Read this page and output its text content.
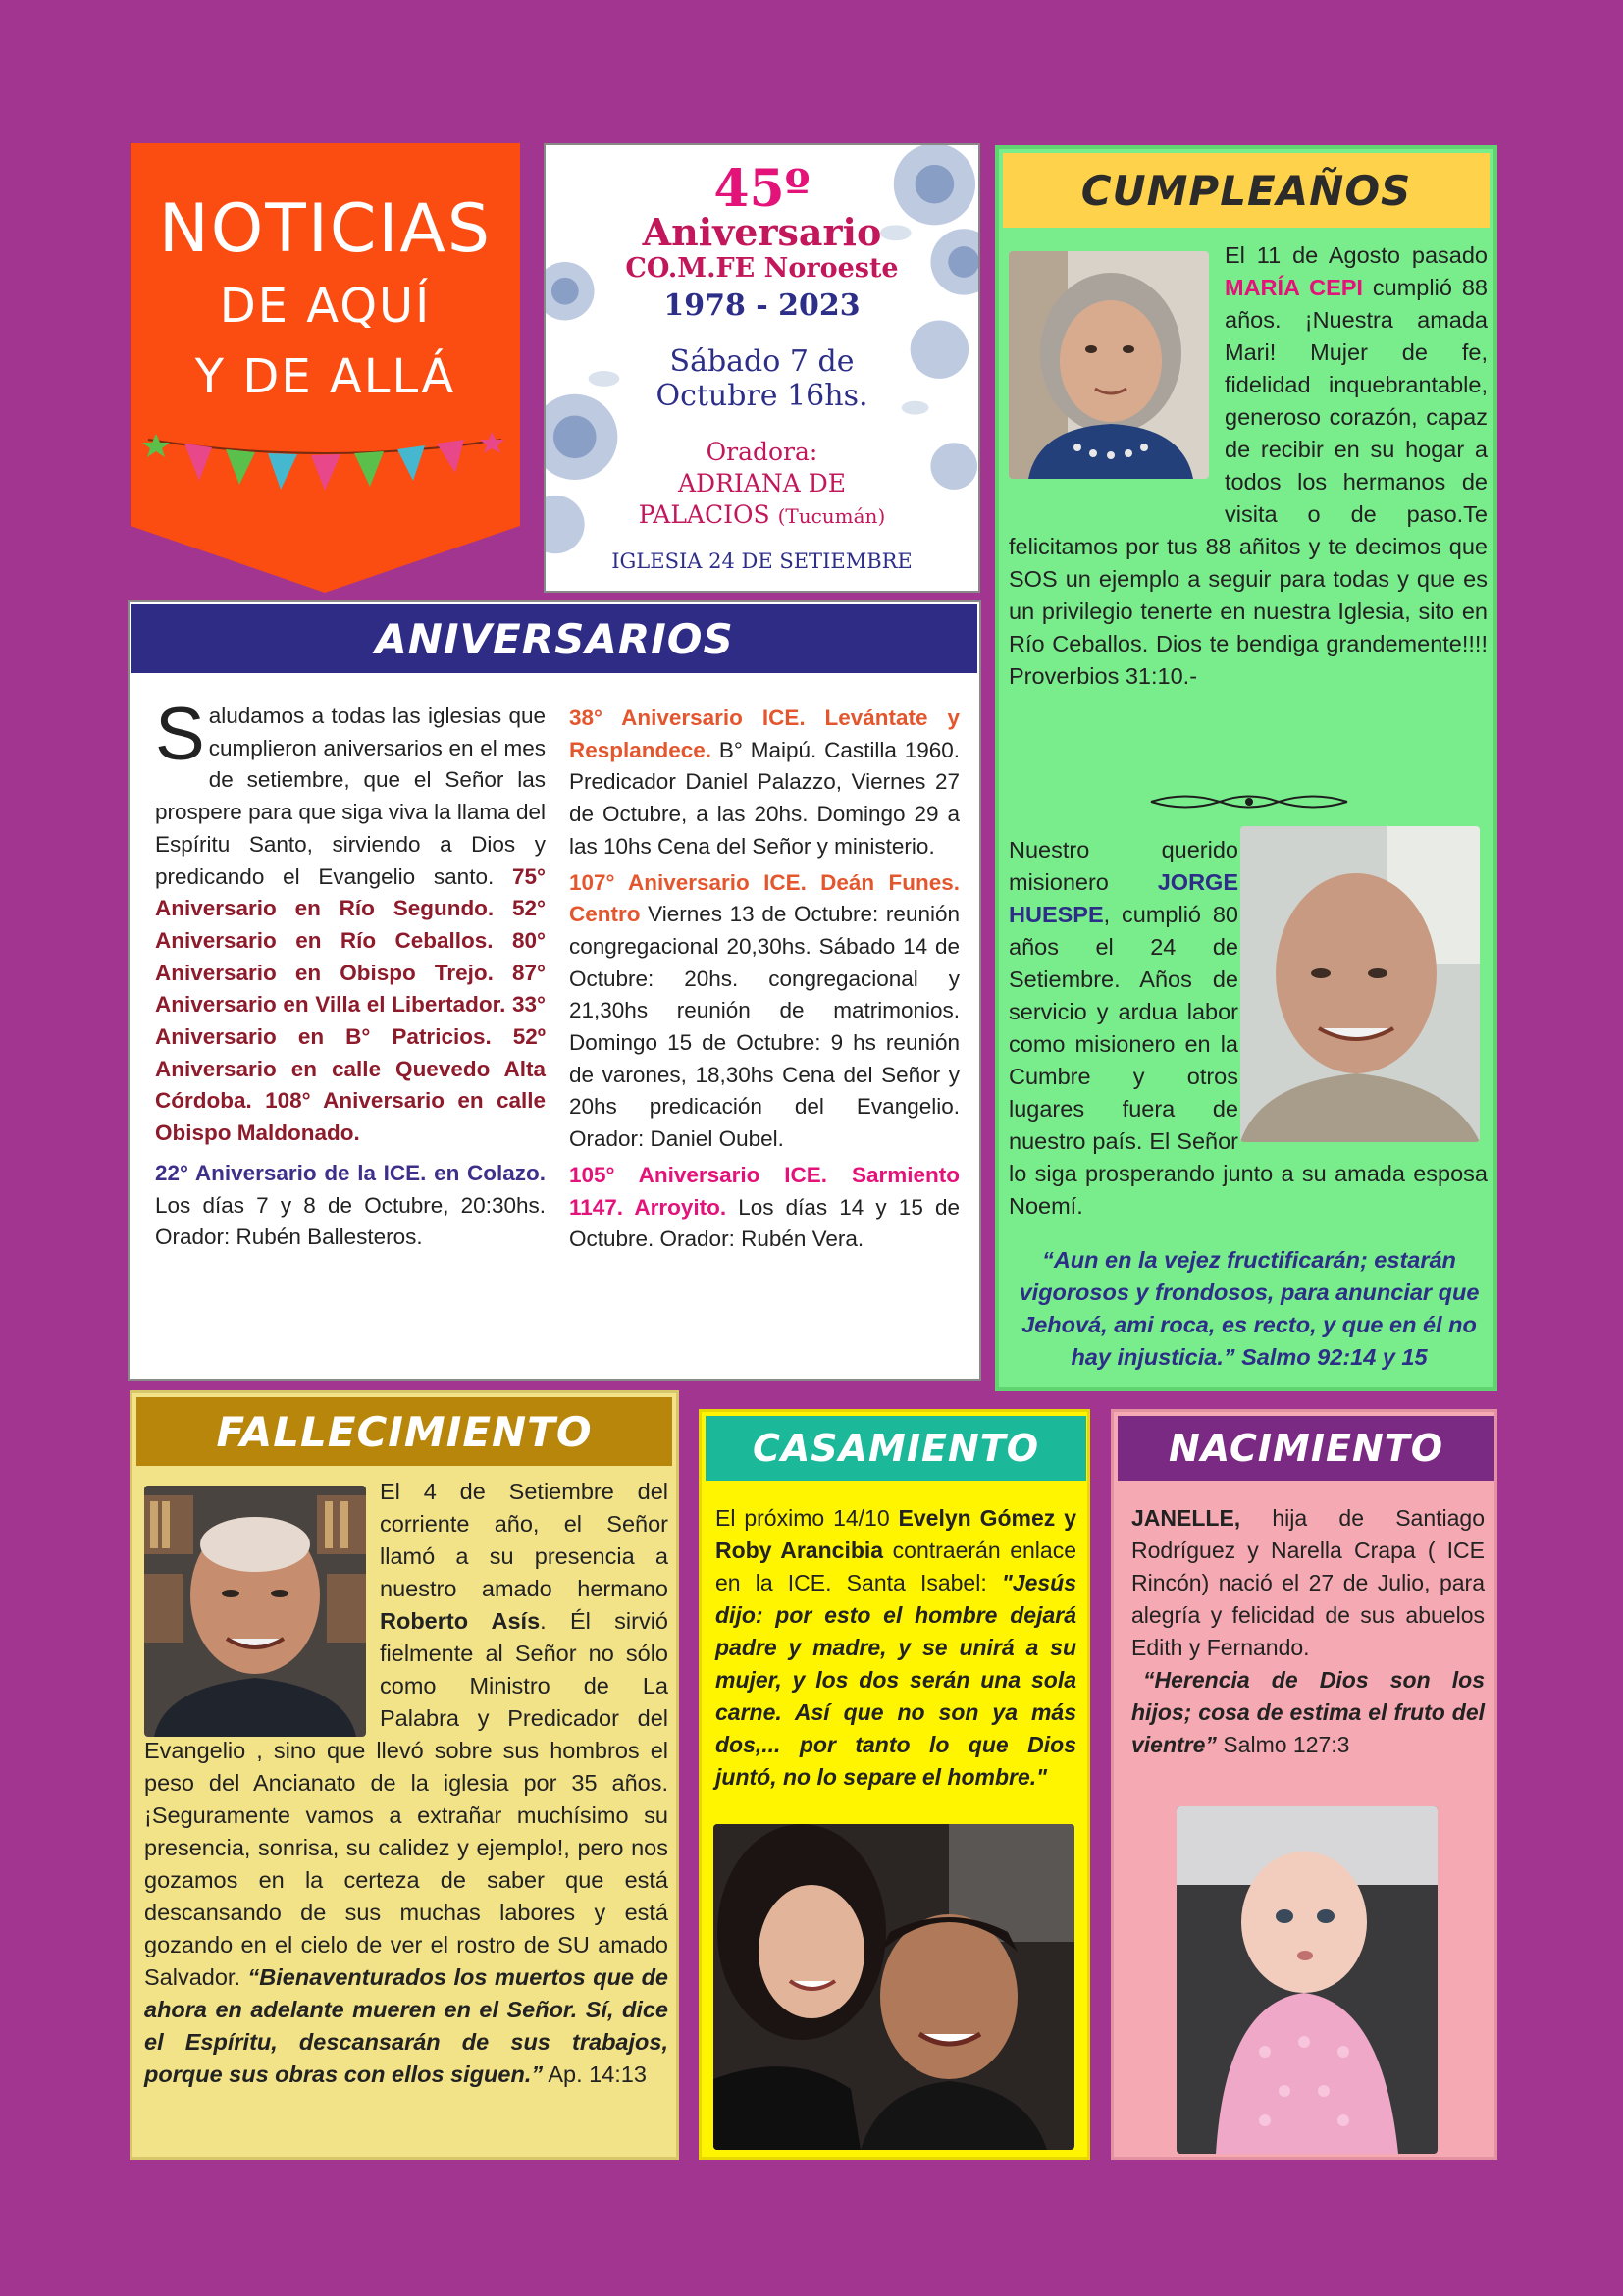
NOTICIAS
DE AQUÍ
Y DE ALLÁ
45º
Aniversario
CO.M.FE Noroeste
1978 - 2023
Sábado 7 de
Octubre 16hs.
Oradora:
ADRIANA DE
PALACIOS (Tucumán)
IGLESIA 24 DE SETIEMBRE
CUMPLEAÑOS
El 11 de Agosto pasado MARÍA CEPI cumplió 88 años. ¡Nuestra amada Mari! Mujer de fe, fidelidad inquebrantable, generoso corazón, capaz de recibir en su hogar a todos los hermanos de visita o de paso.Te felicitamos por tus 88 añitos y te decimos que SOS un ejemplo a seguir para todas y que es un privilegio tenerte en nuestra Iglesia, sito en Río Ceballos. Dios te bendiga grandemente!!!! Proverbios 31:10.-
Nuestro querido misionero JORGE HUESPE, cumplió 80 años el 24 de Setiembre. Años de servicio y ardua labor como misionero en la Cumbre y otros lugares fuera de nuestro país. El Señor lo siga prosperando junto a su amada esposa Noemí.
“Aun en la vejez fructificarán; estarán vigorosos y frondosos, para anunciar que Jehová, ami roca, es recto, y que en él no hay injusticia.” Salmo 92:14 y 15
ANIVERSARIOS

Saludamos a todas las iglesias que cumplieron aniversarios en el mes de setiembre, que el Señor las prospere para que siga viva la llama del Espíritu Santo, sirviendo a Dios y predicando el Evangelio santo. 75° Aniversario en Río Segundo. 52° Aniversario en Río Ceballos. 80° Aniversario en Obispo Trejo. 87° Aniversario en Villa el Libertador. 33° Aniversario en B° Patricios. 52º Aniversario en calle Quevedo Alta Córdoba. 108° Aniversario en calle Obispo Maldonado.

22° Aniversario de la ICE. en Colazo. Los días 7 y 8 de Octubre, 20:30hs. Orador: Rubén Ballesteros.

38° Aniversario ICE. Levántate y Resplandece. B° Maipú. Castilla 1960. Predicador Daniel Palazzo, Viernes 27 de Octubre, a las 20hs. Domingo 29 a las 10hs Cena del Señor y ministerio.

107° Aniversario ICE. Deán Funes. Centro Viernes 13 de Octubre: reunión congregacional 20,30hs. Sábado 14 de Octubre: 20hs. congregacional y 21,30hs reunión de matrimonios. Domingo 15 de Octubre: 9 hs reunión de varones, 18,30hs Cena del Señor y 20hs predicación del Evangelio. Orador: Daniel Oubel.

105° Aniversario ICE. Sarmiento 1147. Arroyito. Los días 14 y 15 de Octubre. Orador: Rubén Vera.

FALLECIMIENTO
El 4 de Setiembre del corriente año, el Señor llamó a su presencia a nuestro amado hermano Roberto Asís. Él sirvió fielmente al Señor no sólo como Ministro de La Palabra y Predicador del Evangelio , sino que llevó sobre sus hombros el peso del Ancianato de la iglesia por 35 años. ¡Seguramente vamos a extrañar muchísimo su presencia, sonrisa, su calidez y ejemplo!, pero nos gozamos en la certeza de saber que está descansando de sus muchas labores y está gozando en el cielo de ver el rostro de SU amado Salvador. “Bienaventurados los muertos que de ahora en adelante mueren en el Señor. Sí, dice el Espíritu, descansarán de sus trabajos, porque sus obras con ellos siguen.” Ap. 14:13
CASAMIENTO
El próximo 14/10 Evelyn Gómez y Roby Arancibia contraerán enlace en la ICE. Santa Isabel: "Jesús dijo: por esto el hombre dejará padre y madre, y se unirá a su mujer, y los dos serán una sola carne. Así que no son ya más dos,... por tanto lo que Dios juntó, no lo separe el hombre."
NACIMIENTO

JANELLE, hija de Santiago Rodríguez y Narella Crapa ( ICE Rincón) nació el 27 de Julio, para alegría y felicidad de sus abuelos Edith y Fernando.

“Herencia de Dios son los hijos; cosa de estima el fruto del vientre” Salmo 127:3
